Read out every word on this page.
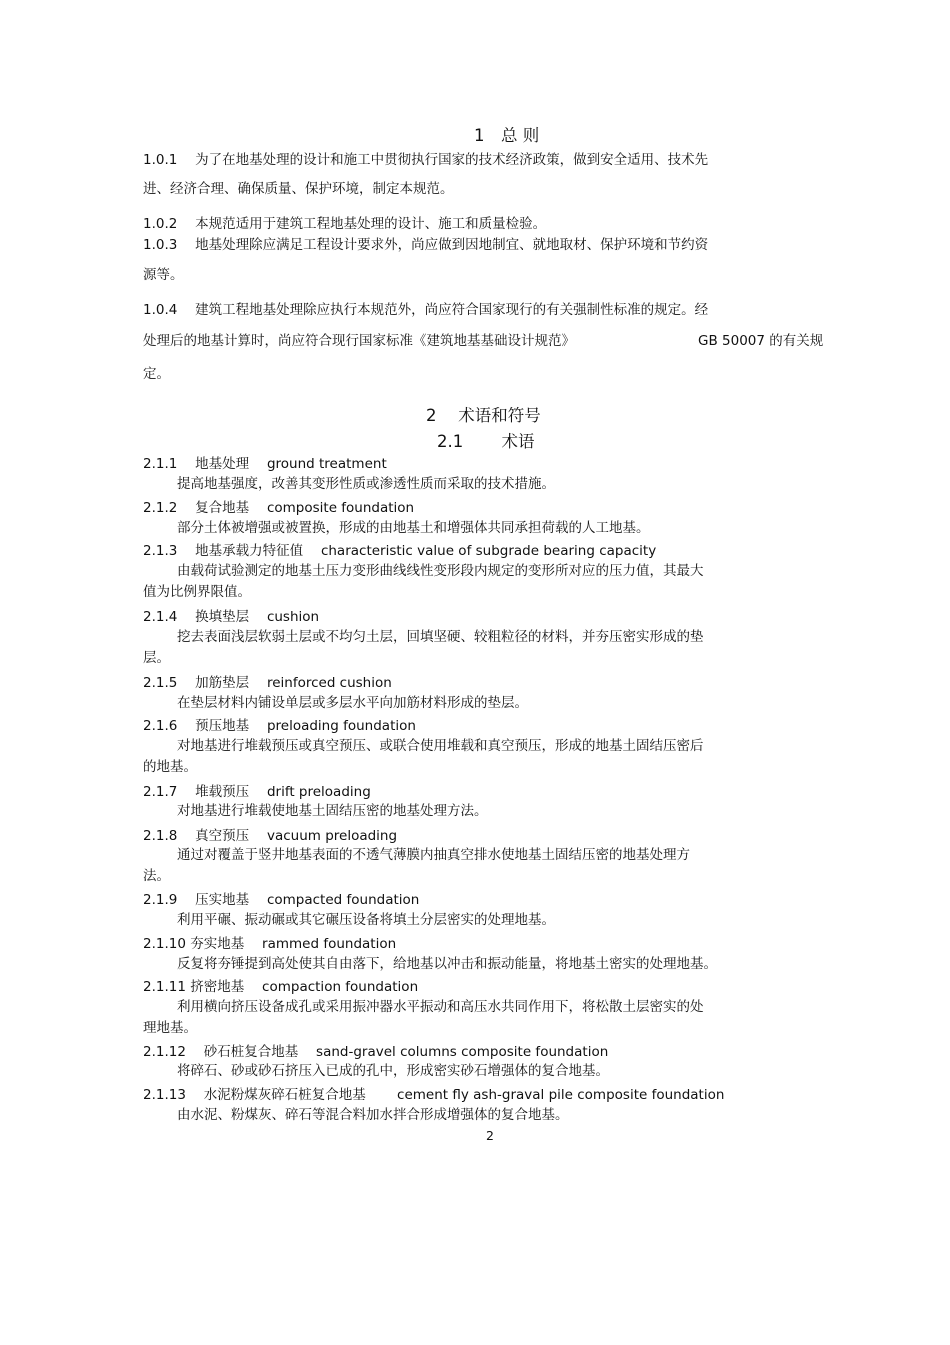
1　总 则
1.0.1　 为了在地基处理的设计和施工中贯彻执行国家的技术经济政策，做到安全适用、技术先
进、经济合理、确保质量、保护环境，制定本规范。
1.0.2　 本规范适用于建筑工程地基处理的设计、施工和质量检验。
1.0.3　 地基处理除应满足工程设计要求外，尚应做到因地制宜、就地取材、保护环境和节约资
源等。
1.0.4　 建筑工程地基处理除应执行本规范外，尚应符合国家现行的有关强制性标准的规定。经
处理后的地基计算时，尚应符合现行国家标准《建筑地基基础设计规范》	GB 50007 的有关规
定。
2　 术语和符号
2.1　　 术语
2.1.1　 地基处理　 ground treatment
提高地基强度，改善其变形性质或渗透性质而采取的技术措施。
2.1.2　 复合地基　 composite foundation
部分土体被增强或被置换，形成的由地基土和增强体共同承担荷载的人工地基。
2.1.3　 地基承载力特征值　 characteristic value of subgrade bearing capacity
由载荷试验测定的地基土压力变形曲线线性变形段内规定的变形所对应的压力值，其最大
值为比例界限值。
2.1.4　 换填垫层　 cushion
挖去表面浅层软弱土层或不均匀土层，回填坚硬、较粗粒径的材料，并夯压密实形成的垫
层。
2.1.5　 加筋垫层　 reinforced cushion
在垫层材料内铺设单层或多层水平向加筋材料形成的垫层。
2.1.6　 预压地基　 preloading foundation
对地基进行堆载预压或真空预压、或联合使用堆载和真空预压，形成的地基土固结压密后
的地基。
2.1.7　 堆载预压　 drift preloading
对地基进行堆载使地基土固结压密的地基处理方法。
2.1.8　 真空预压　 vacuum preloading
通过对覆盖于竖井地基表面的不透气薄膜内抽真空排水使地基土固结压密的地基处理方
法。
2.1.9　 压实地基　 compacted foundation
利用平碾、振动碾或其它碾压设备将填土分层密实的处理地基。
2.1.10 夯实地基　 rammed foundation
反复将夯锤提到高处使其自由落下，给地基以冲击和振动能量，将地基土密实的处理地基。
2.1.11 挤密地基　 compaction foundation
利用横向挤压设备成孔或采用振冲器水平振动和高压水共同作用下，将松散土层密实的处
理地基。
2.1.12　 砂石桩复合地基　 sand-gravel columns composite foundation
将碎石、砂或砂石挤压入已成的孔中，形成密实砂石增强体的复合地基。
2.1.13　 水泥粉煤灰碎石桩复合地基　　 cement fly ash-graval pile composite foundation
由水泥、粉煤灰、碎石等混合料加水拌合形成增强体的复合地基。
2
